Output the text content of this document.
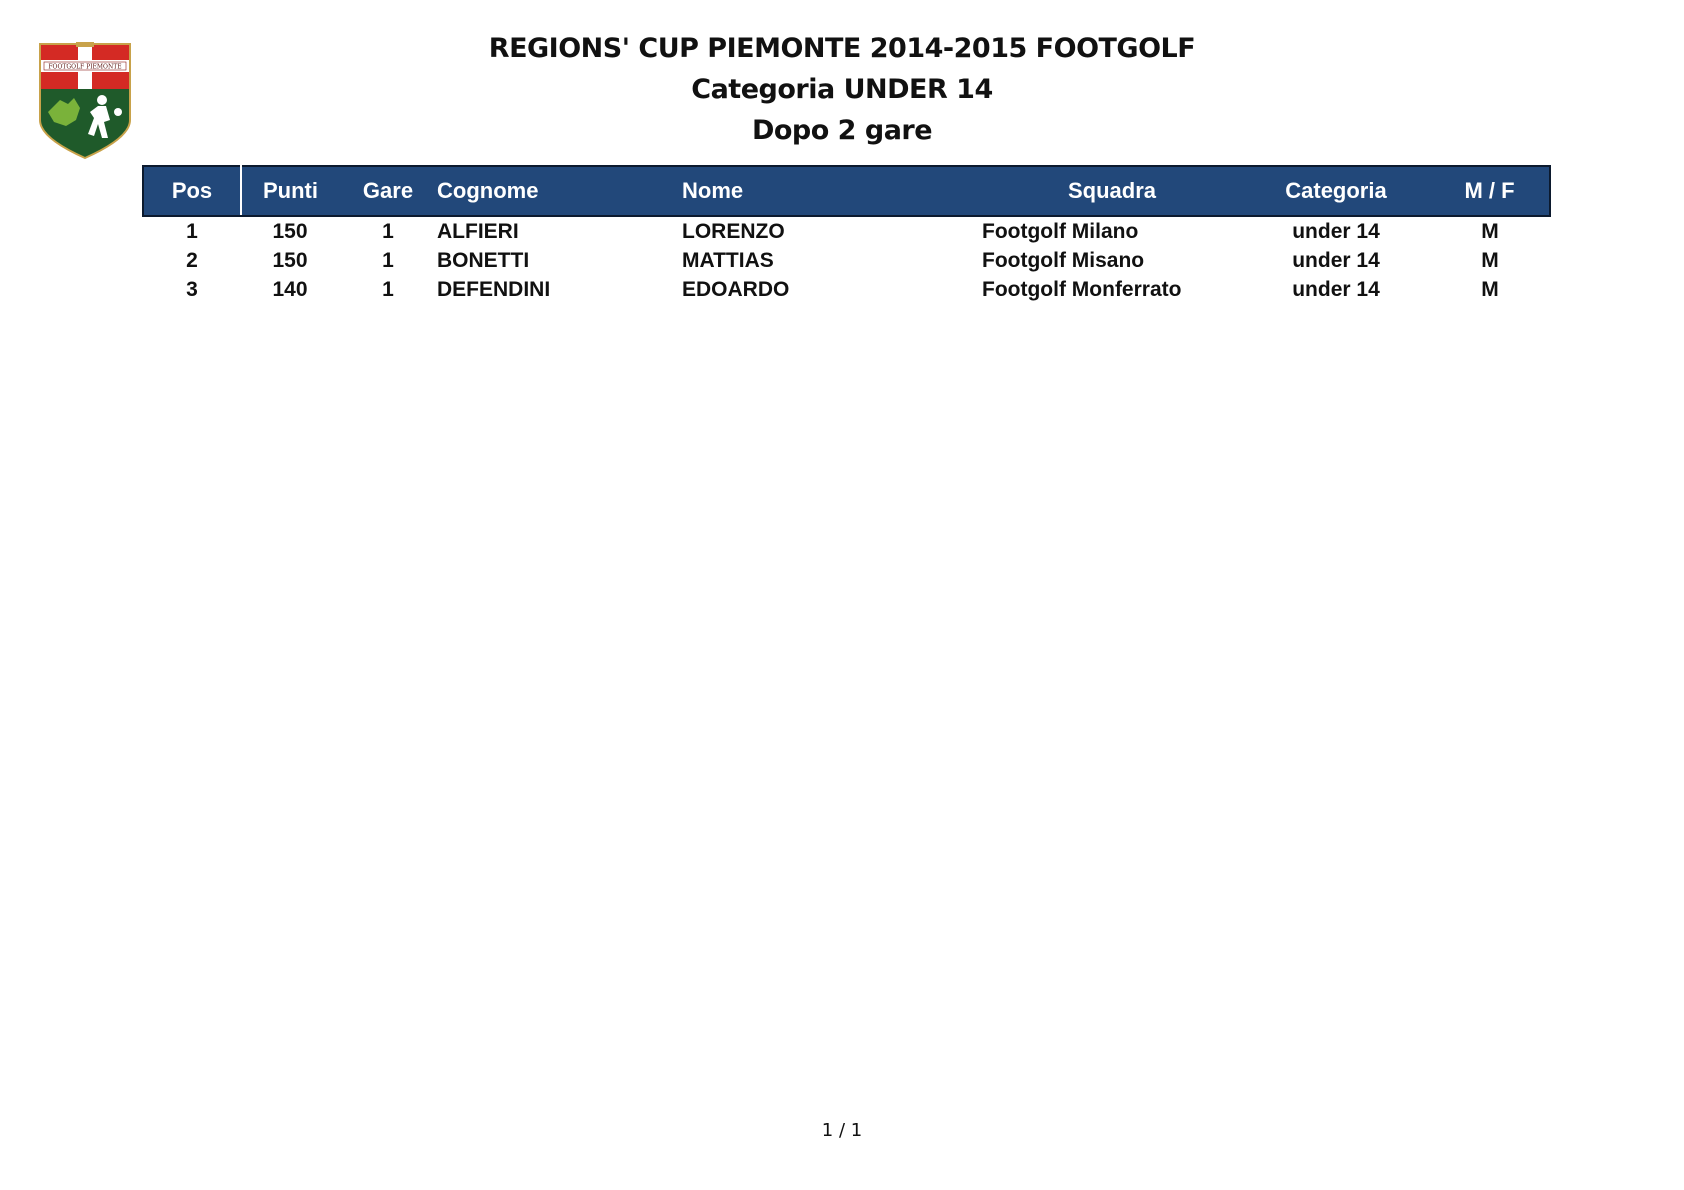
FOOTGOLF PIEMONTE
REGIONS' CUP PIEMONTE 2014-2015 FOOTGOLF
Categoria UNDER 14
Dopo 2 gare
Pos	Punti	Gare	Cognome	Nome	Squadra	Categoria	M / F
1	150	1	ALFIERI	LORENZO	Footgolf Milano	under 14	M
2	150	1	BONETTI	MATTIAS	Footgolf Misano	under 14	M
3	140	1	DEFENDINI	EDOARDO	Footgolf Monferrato	under 14	M
1 / 1
